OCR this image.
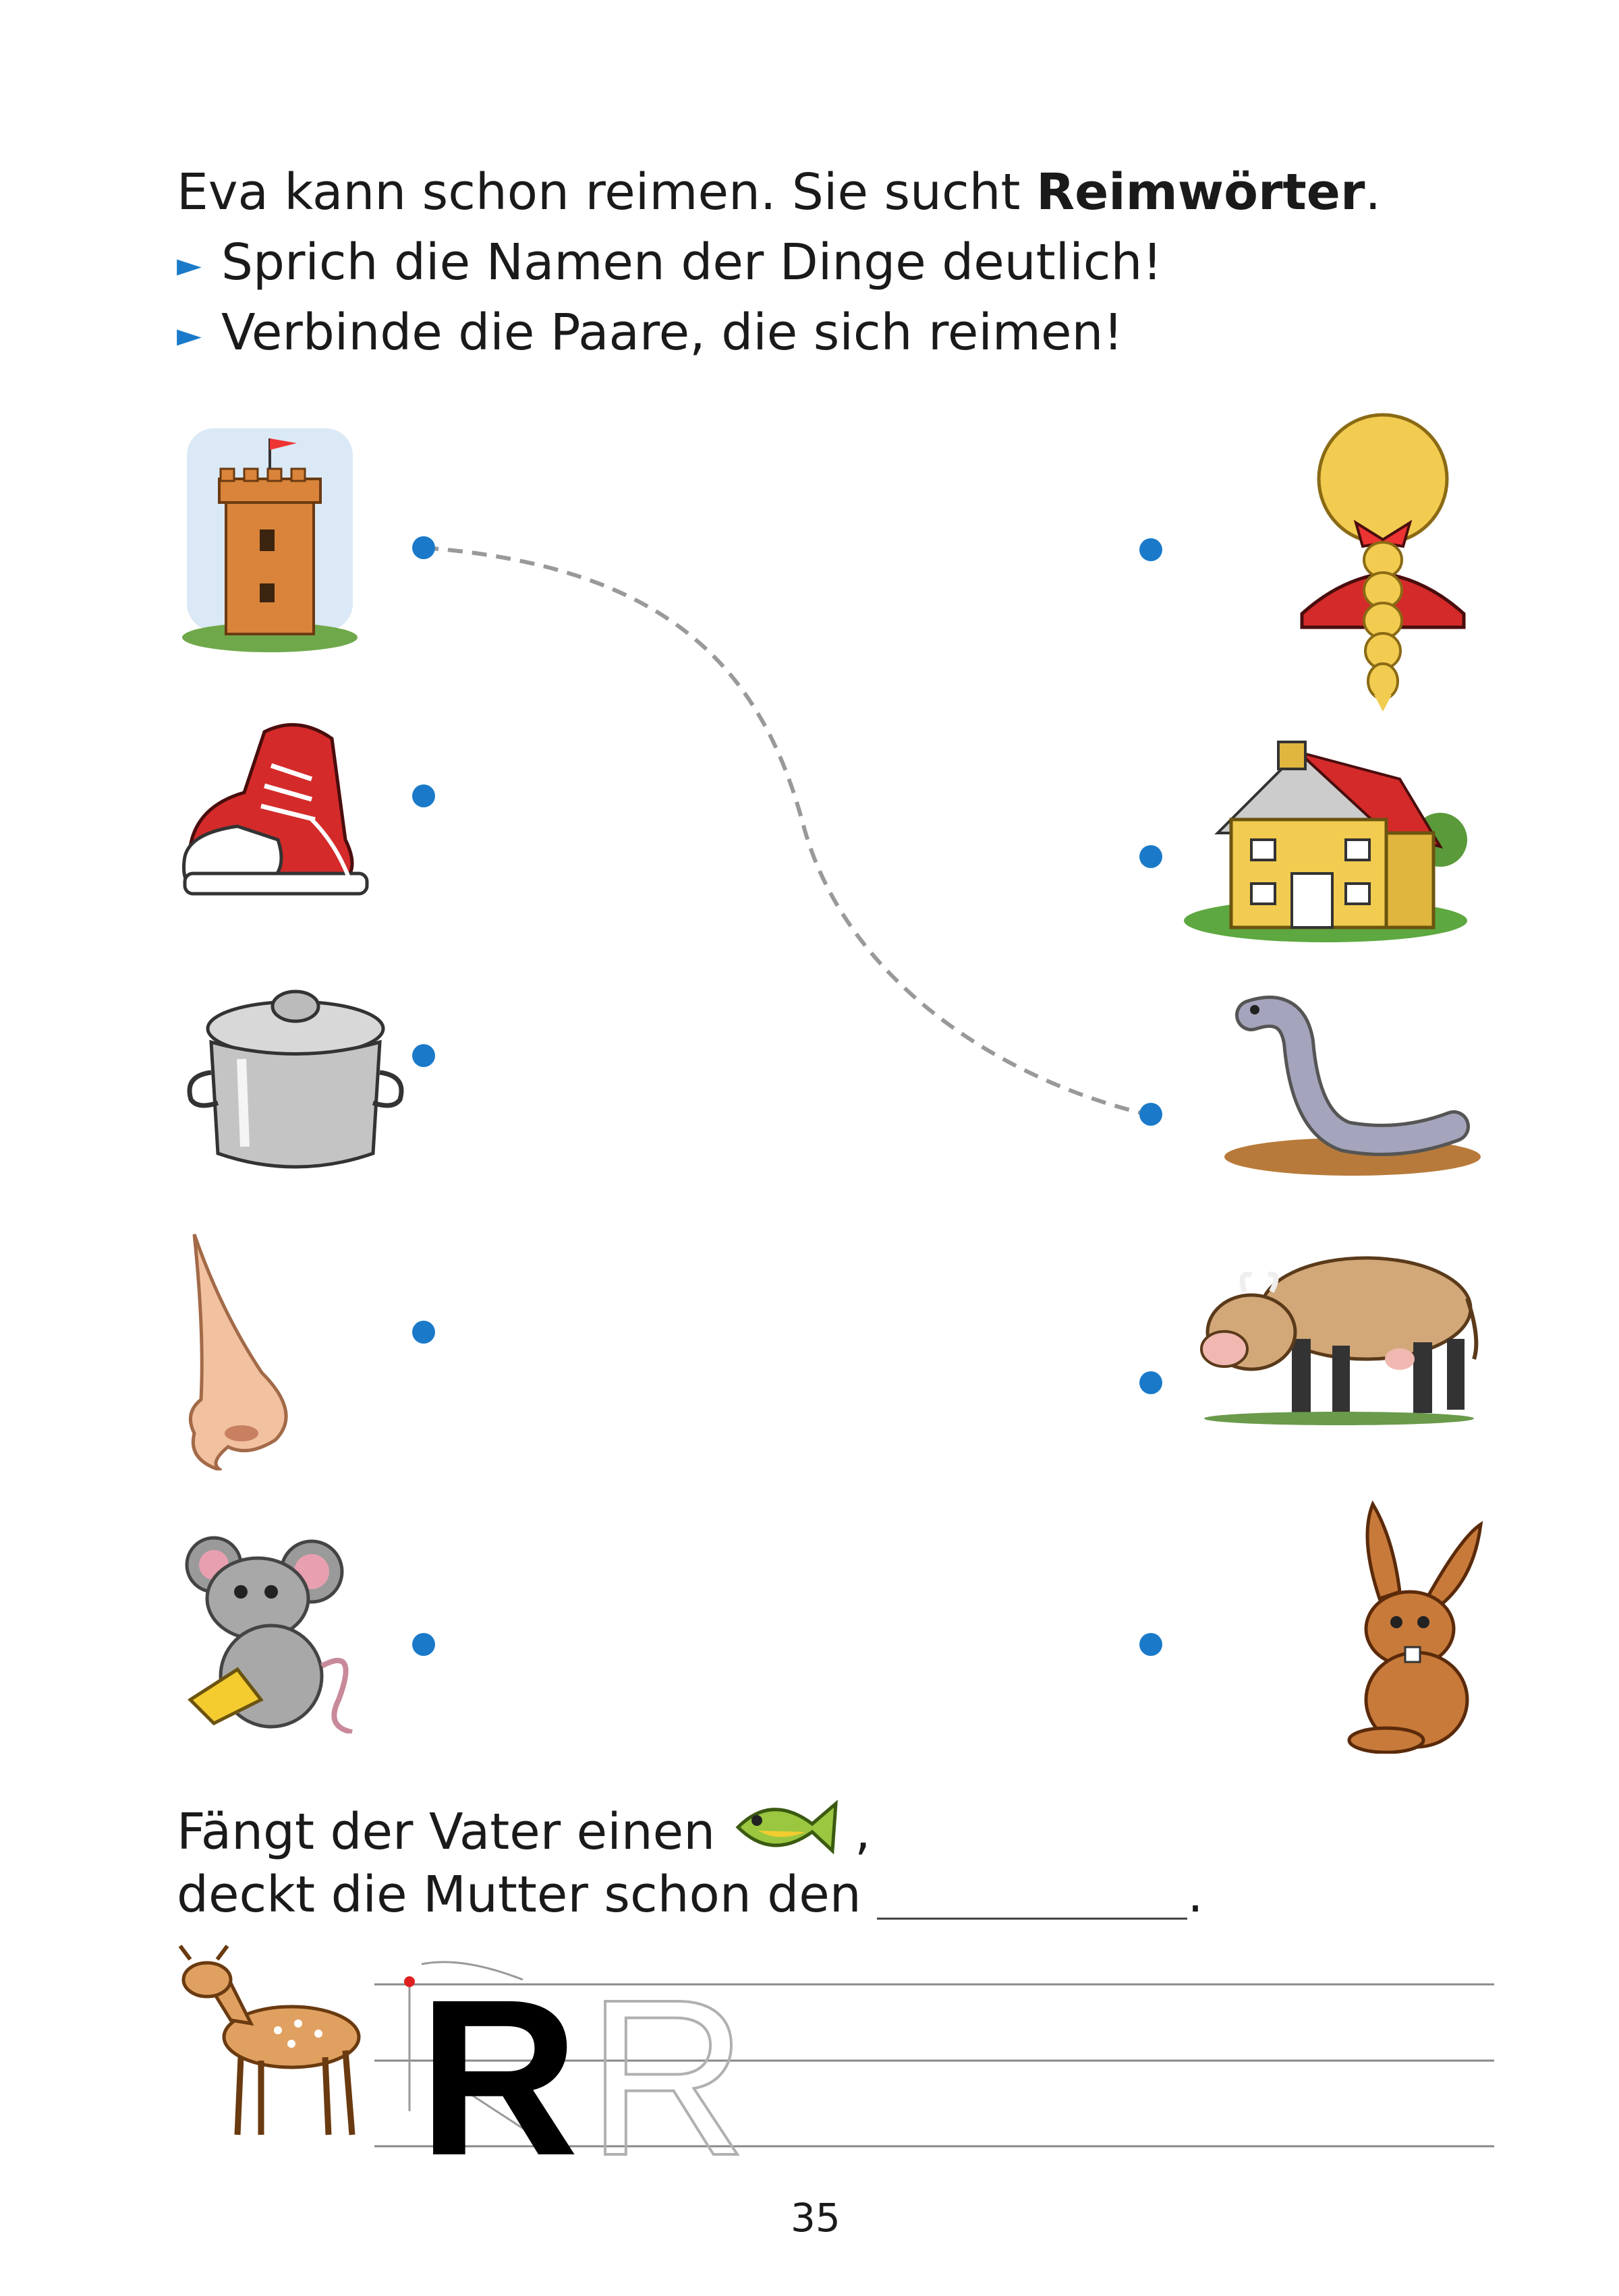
Eva kann schon reimen. Sie sucht Reimwörter.
► Sprich die Namen der Dinge deutlich!
► Verbinde die Paare, die sich reimen!
Fängt der Vater einen	,
deckt die Mutter schon den	.
R R
35
